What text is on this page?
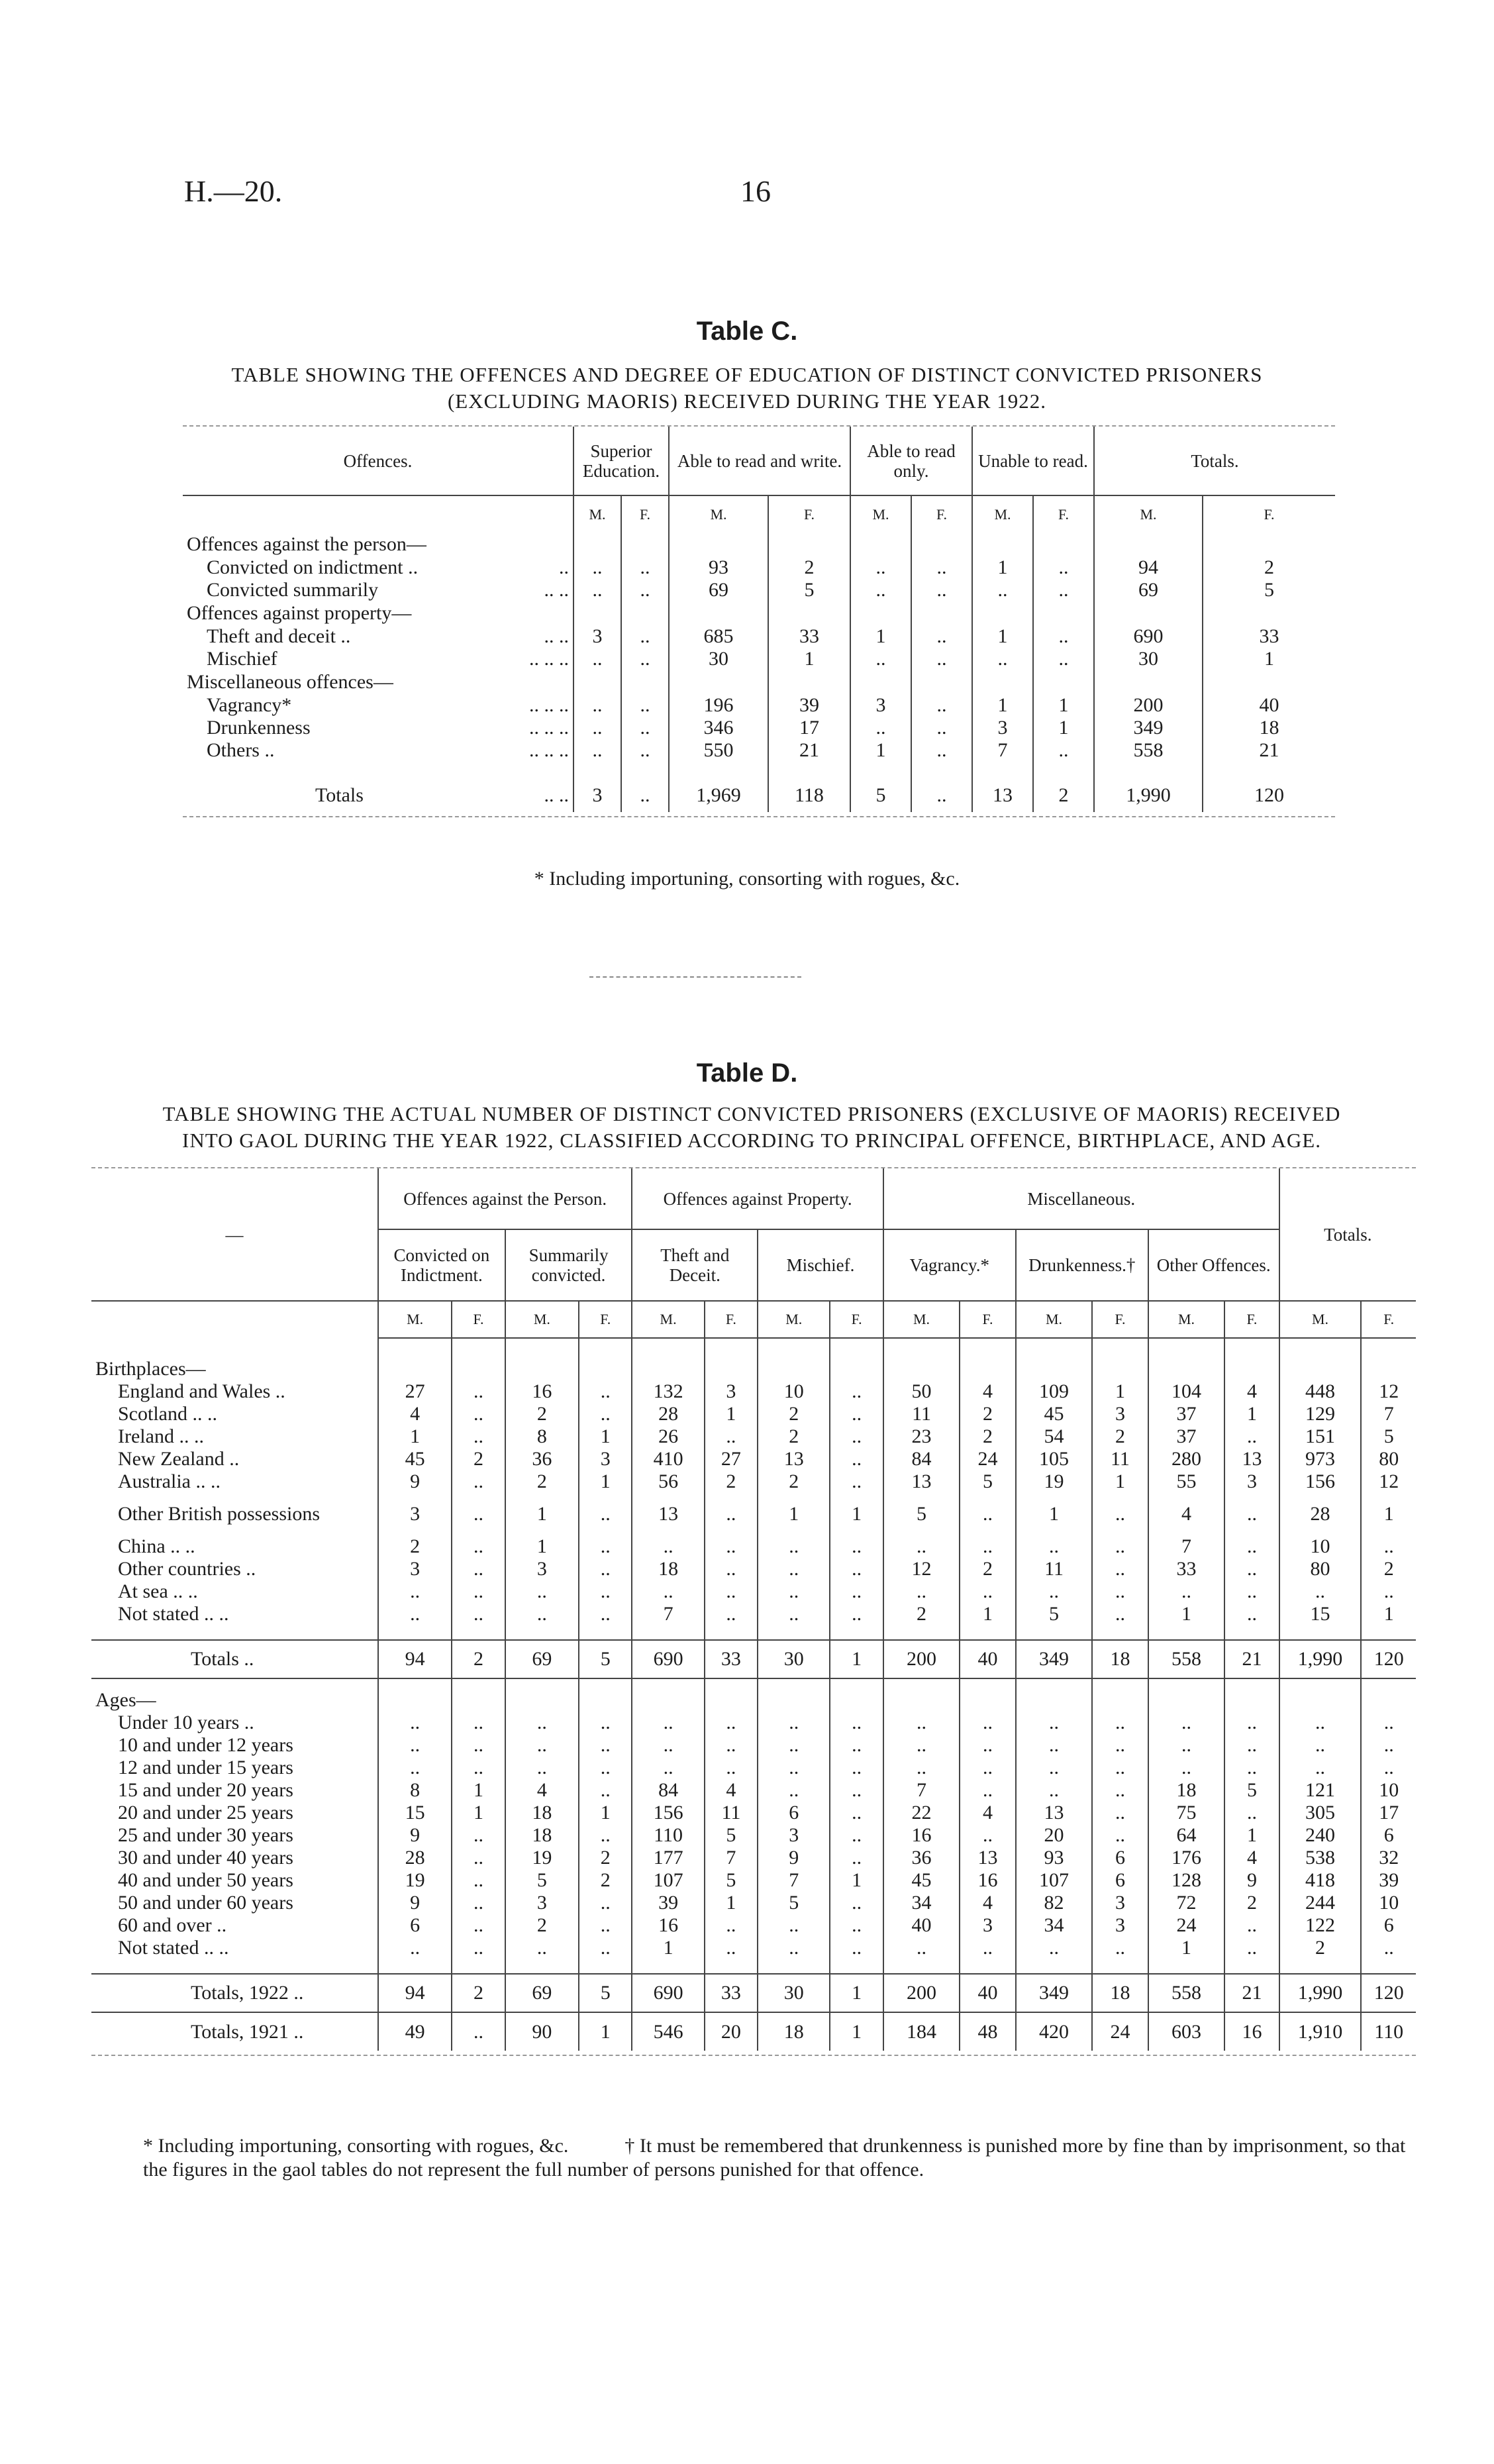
H.—20.	16
Table C.
TABLE SHOWING THE OFFENCES AND DEGREE OF EDUCATION OF DISTINCT CONVICTED PRISONERS
(EXCLUDING MAORIS) RECEIVED DURING THE YEAR 1922.
Offences.	Superior Education.		Able to read and write.		Able to read only.		Unable to read.		Totals.	
	M.	F.	M.	F.	M.	F.	M.	F.	M.	F.
Offences against the person—										
Convicted on indictment .. ..	..	..	93	2	..	..	1	..	94	2
Convicted summarily .. ..	..	..	69	5	..	..	..	..	69	5
Offences against property—										
Theft and deceit .. .. ..	3	..	685	33	1	..	1	..	690	33
Mischief .. .. ..	..	..	30	1	..	..	..	..	30	1
Miscellaneous offences—										
Vagrancy* .. .. ..	..	..	196	39	3	..	1	1	200	40
Drunkenness .. .. ..	..	..	346	17	..	..	3	1	349	18
Others .. .. .. ..	..	..	550	21	1	..	7	..	558	21

Totals .. ..	3	..	1,969	118	5	..	13	2	1,990	120
* Including importuning, consorting with rogues, &c.
Table D.
TABLE SHOWING THE ACTUAL NUMBER OF DISTINCT CONVICTED PRISONERS (EXCLUSIVE OF MAORIS) RECEIVED
INTO GAOL DURING THE YEAR 1922, CLASSIFIED ACCORDING TO PRINCIPAL OFFENCE, BIRTHPLACE, AND AGE.
—	Offences against the Person.				Offences against Property.				Miscellaneous.						Totals.	
	Convicted on Indictment.		Summarily convicted.		Theft and Deceit.		Mischief.		Vagrancy.*		Drunkenness.†		Other Offences.			
	M.	F.	M.	F.	M.	F.	M.	F.	M.	F.	M.	F.	M.	F.	M.	F.

Birthplaces—																
England and Wales ..	27	..	16	..	132	3	10	..	50	4	109	1	104	4	448	12
Scotland .. ..	4	..	2	..	28	1	2	..	11	2	45	3	37	1	129	7
Ireland .. ..	1	..	8	1	26	..	2	..	23	2	54	2	37	..	151	5
New Zealand ..	45	2	36	3	410	27	13	..	84	24	105	11	280	13	973	80
Australia .. ..	9	..	2	1	56	2	2	..	13	5	19	1	55	3	156	12
Other British possessions	3	..	1	..	13	..	1	1	5	..	1	..	4	..	28	1
China .. ..	2	..	1	..	..	..	..	..	..	..	..	..	7	..	10	..
Other countries ..	3	..	3	..	18	..	..	..	12	2	11	..	33	..	80	2
At sea .. ..	..	..	..	..	..	..	..	..	..	..	..	..	..	..	..	..
Not stated .. ..	..	..	..	..	7	..	..	..	2	1	5	..	1	..	15	1

Totals ..	94	2	69	5	690	33	30	1	200	40	349	18	558	21	1,990	120

Ages—																
Under 10 years ..	..	..	..	..	..	..	..	..	..	..	..	..	..	..	..	..
10 and under 12 years	..	..	..	..	..	..	..	..	..	..	..	..	..	..	..	..
12 and under 15 years	..	..	..	..	..	..	..	..	..	..	..	..	..	..	..	..
15 and under 20 years	8	1	4	..	84	4	..	..	7	..	..	..	18	5	121	10
20 and under 25 years	15	1	18	1	156	11	6	..	22	4	13	..	75	..	305	17
25 and under 30 years	9	..	18	..	110	5	3	..	16	..	20	..	64	1	240	6
30 and under 40 years	28	..	19	2	177	7	9	..	36	13	93	6	176	4	538	32
40 and under 50 years	19	..	5	2	107	5	7	1	45	16	107	6	128	9	418	39
50 and under 60 years	9	..	3	..	39	1	5	..	34	4	82	3	72	2	244	10
60 and over ..	6	..	2	..	16	..	..	..	40	3	34	3	24	..	122	6
Not stated .. ..	..	..	..	..	1	..	..	..	..	..	..	..	1	..	2	..

Totals, 1922 ..	94	2	69	5	690	33	30	1	200	40	349	18	558	21	1,990	120
Totals, 1921 ..	49	..	90	1	546	20	18	1	184	48	420	24	603	16	1,910	110
* Including importuning, consorting with rogues, &c.	† It must be remembered that drunkenness is punished more by fine than by imprisonment, so that the figures in the gaol tables do not represent the full number of persons punished for that offence.
